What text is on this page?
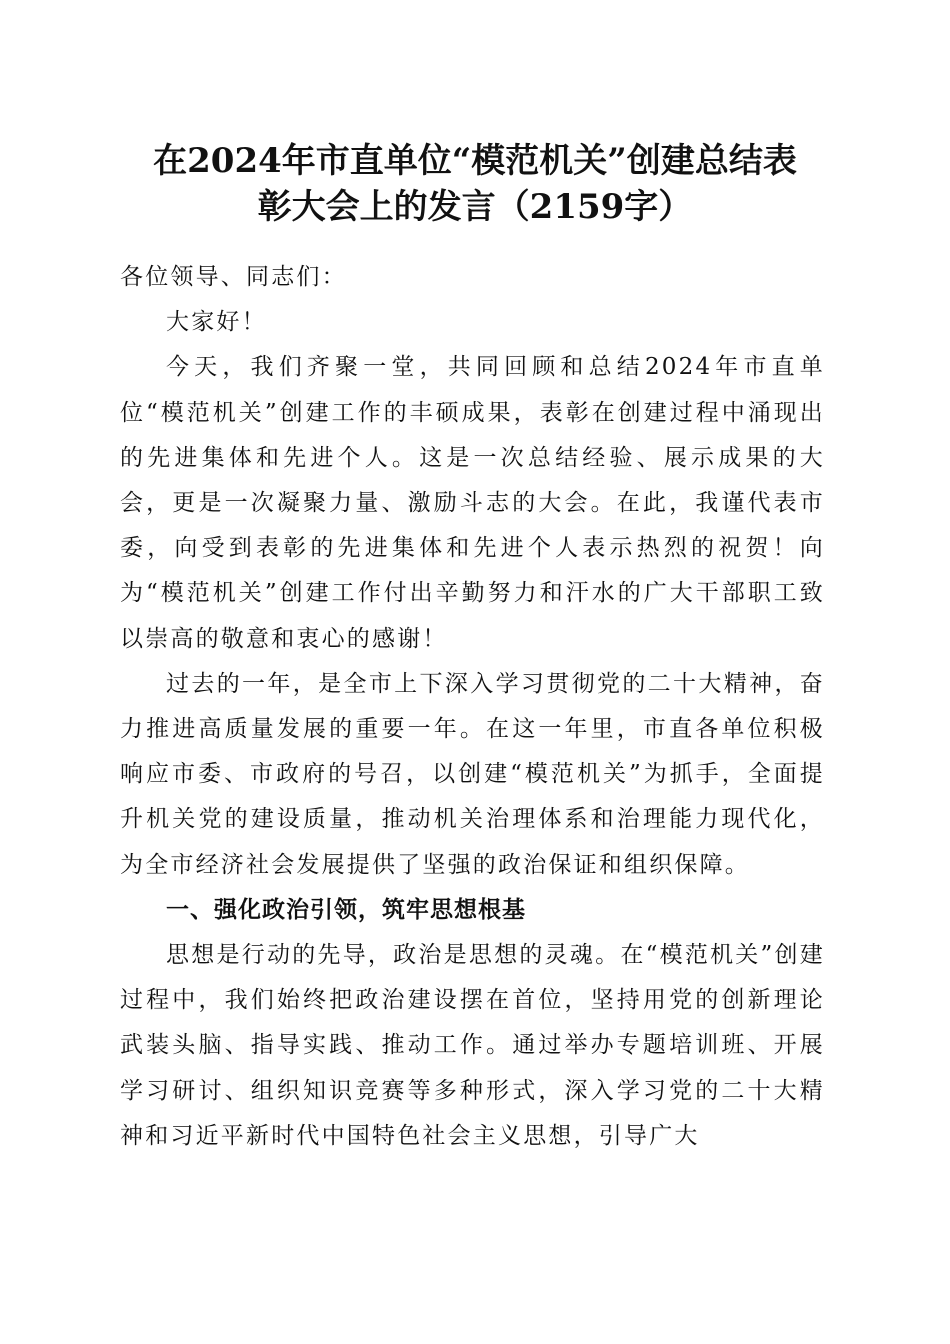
在2024年市直单位“模范机关”创建总结表
彰大会上的发言（2159字）

各位领导、同志们：

大家好！

今天，我们齐聚一堂，共同回顾和总结2024年市直单位“模范机关”创建工作的丰硕成果，表彰在创建过程中涌现出的先进集体和先进个人。这是一次总结经验、展示成果的大会，更是一次凝聚力量、激励斗志的大会。在此，我谨代表市委，向受到表彰的先进集体和先进个人表示热烈的祝贺！向为“模范机关”创建工作付出辛勤努力和汗水的广大干部职工致以崇高的敬意和衷心的感谢！

过去的一年，是全市上下深入学习贯彻党的二十大精神，奋力推进高质量发展的重要一年。在这一年里，市直各单位积极响应市委、市政府的号召，以创建“模范机关”为抓手，全面提升机关党的建设质量，推动机关治理体系和治理能力现代化，为全市经济社会发展提供了坚强的政治保证和组织保障。

一、强化政治引领，筑牢思想根基

思想是行动的先导，政治是思想的灵魂。在“模范机关”创建过程中，我们始终把政治建设摆在首位，坚持用党的创新理论武装头脑、指导实践、推动工作。通过举办专题培训班、开展学习研讨、组织知识竞赛等多种形式，深入学习党的二十大精神和习近平新时代中国特色社会主义思想，引导广大
